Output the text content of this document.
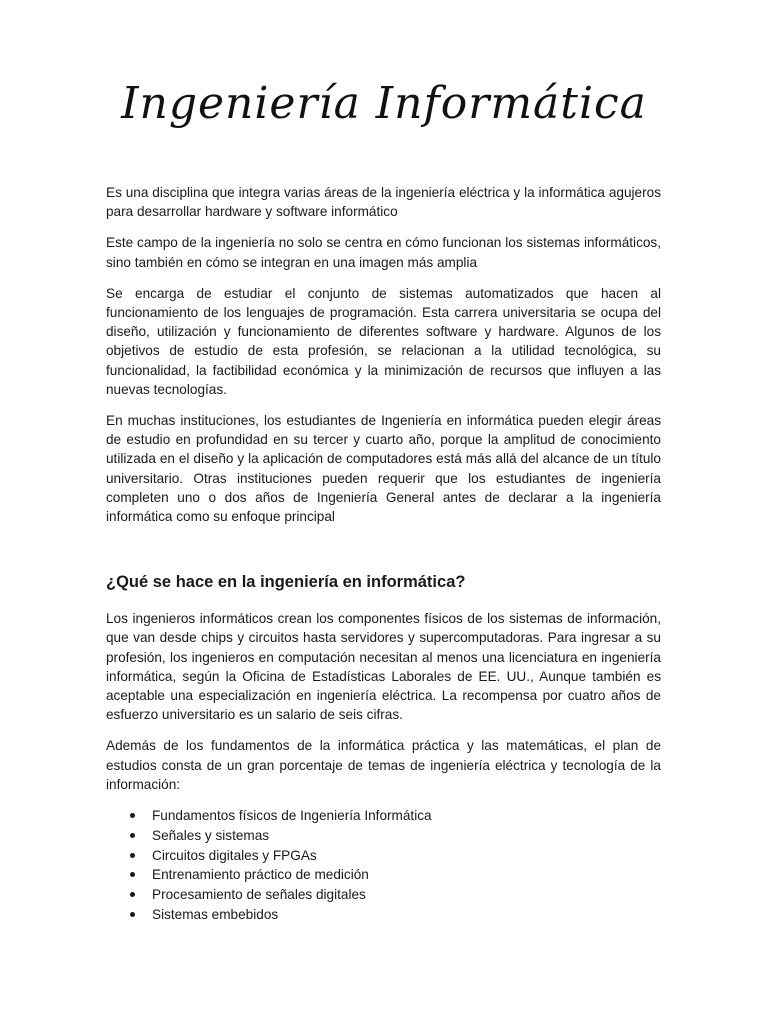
Ingeniería Informática

Es una disciplina que integra varias áreas de la ingeniería eléctrica y la informática agujeros para desarrollar hardware y software informático

Este campo de la ingeniería no solo se centra en cómo funcionan los sistemas informáticos, sino también en cómo se integran en una imagen más amplia

Se encarga de estudiar el conjunto de sistemas automatizados que hacen al funcionamiento de los lenguajes de programación. Esta carrera universitaria se ocupa del diseño, utilización y funcionamiento de diferentes software y hardware. Algunos de los objetivos de estudio de esta profesión, se relacionan a la utilidad tecnológica, su funcionalidad, la factibilidad económica y la minimización de recursos que influyen a las nuevas tecnologías.

En muchas instituciones, los estudiantes de Ingeniería en informática pueden elegir áreas de estudio en profundidad en su tercer y cuarto año, porque la amplitud de conocimiento utilizada en el diseño y la aplicación de computadores está más allá del alcance de un título universitario. Otras instituciones pueden requerir que los estudiantes de ingeniería completen uno o dos años de Ingeniería General antes de declarar a la ingeniería informática como su enfoque principal

¿Qué se hace en la ingeniería en informática?

Los ingenieros informáticos crean los componentes físicos de los sistemas de información, que van desde chips y circuitos hasta servidores y supercomputadoras. Para ingresar a su profesión, los ingenieros en computación necesitan al menos una licenciatura en ingeniería informática, según la Oficina de Estadísticas Laborales de EE. UU., Aunque también es aceptable una especialización en ingeniería eléctrica. La recompensa por cuatro años de esfuerzo universitario es un salario de seis cifras.

Además de los fundamentos de la informática práctica y las matemáticas, el plan de estudios consta de un gran porcentaje de temas de ingeniería eléctrica y tecnología de la información:

Fundamentos físicos de Ingeniería Informática
Señales y sistemas
Circuitos digitales y FPGAs
Entrenamiento práctico de medición
Procesamiento de señales digitales
Sistemas embebidos
